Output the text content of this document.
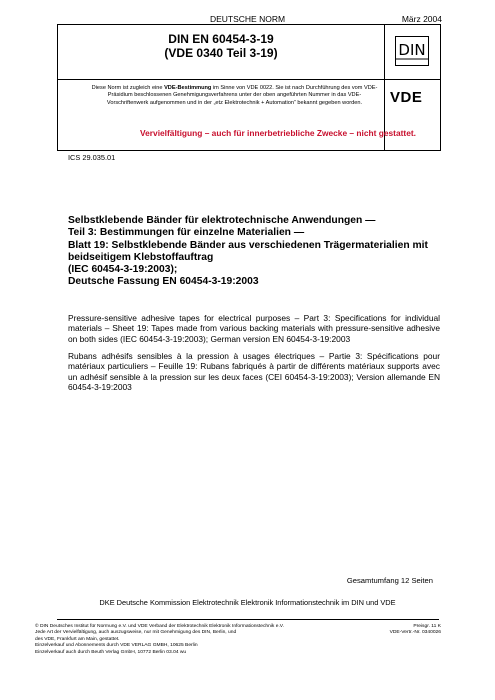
DEUTSCHE NORM	März 2004
DIN EN 60454-3-19
(VDE 0340 Teil 3-19)	DIN
Diese Norm ist zugleich eine VDE-Bestimmung im Sinne von VDE 0022. Sie ist nach Durchführung des vom VDE-Präsidium beschlossenen Genehmigungsverfahrens unter der oben angeführten Nummer in das VDE-Vorschriftenwerk aufgenommen und in der „etz Elektrotechnik + Automation“ bekannt gegeben worden.	VDE
Vervielfältigung – auch für innerbetriebliche Zwecke – nicht gestattet.
ICS 29.035.01
Selbstklebende Bänder für elektrotechnische Anwendungen —
Teil 3: Bestimmungen für einzelne Materialien —
Blatt 19: Selbstklebende Bänder aus verschiedenen Trägermaterialien mit
beidseitigem Klebstoffauftrag
(IEC 60454-3-19:2003);
Deutsche Fassung EN 60454-3-19:2003

Pressure-sensitive adhesive tapes for electrical purposes – Part 3: Specifications for individual materials – Sheet 19: Tapes made from various backing materials with pressure-sensitive adhesive on both sides (IEC 60454-3-19:2003); German version EN 60454-3-19:2003

Rubans adhésifs sensibles à la pression à usages électriques – Partie 3: Spécifications pour matériaux particuliers – Feuille 19: Rubans fabriqués à partir de différents matériaux supports avec un adhésif sensible à la pression sur les deux faces (CEI 60454-3-19:2003); Version allemande EN 60454-3-19:2003

Gesamtumfang 12 Seiten
DKE Deutsche Kommission Elektrotechnik Elektronik Informationstechnik im DIN und VDE
© DIN Deutsches Institut für Normung e.V. und VDE Verband der Elektrotechnik Elektronik Informationstechnik e.V.
Jede Art der Vervielfältigung, auch auszugsweise, nur mit Genehmigung des DIN, Berlin, und
des VDE, Frankfurt am Main, gestattet.
Einzelverkauf und Abonnements durch VDE VERLAG GMBH, 10625 Berlin
Einzelverkauf auch durch Beuth Verlag GmbH, 10772 Berlin 03.04 wu
Preisgr. 11 K
VDE-Vertr.-Nr. 0340026
